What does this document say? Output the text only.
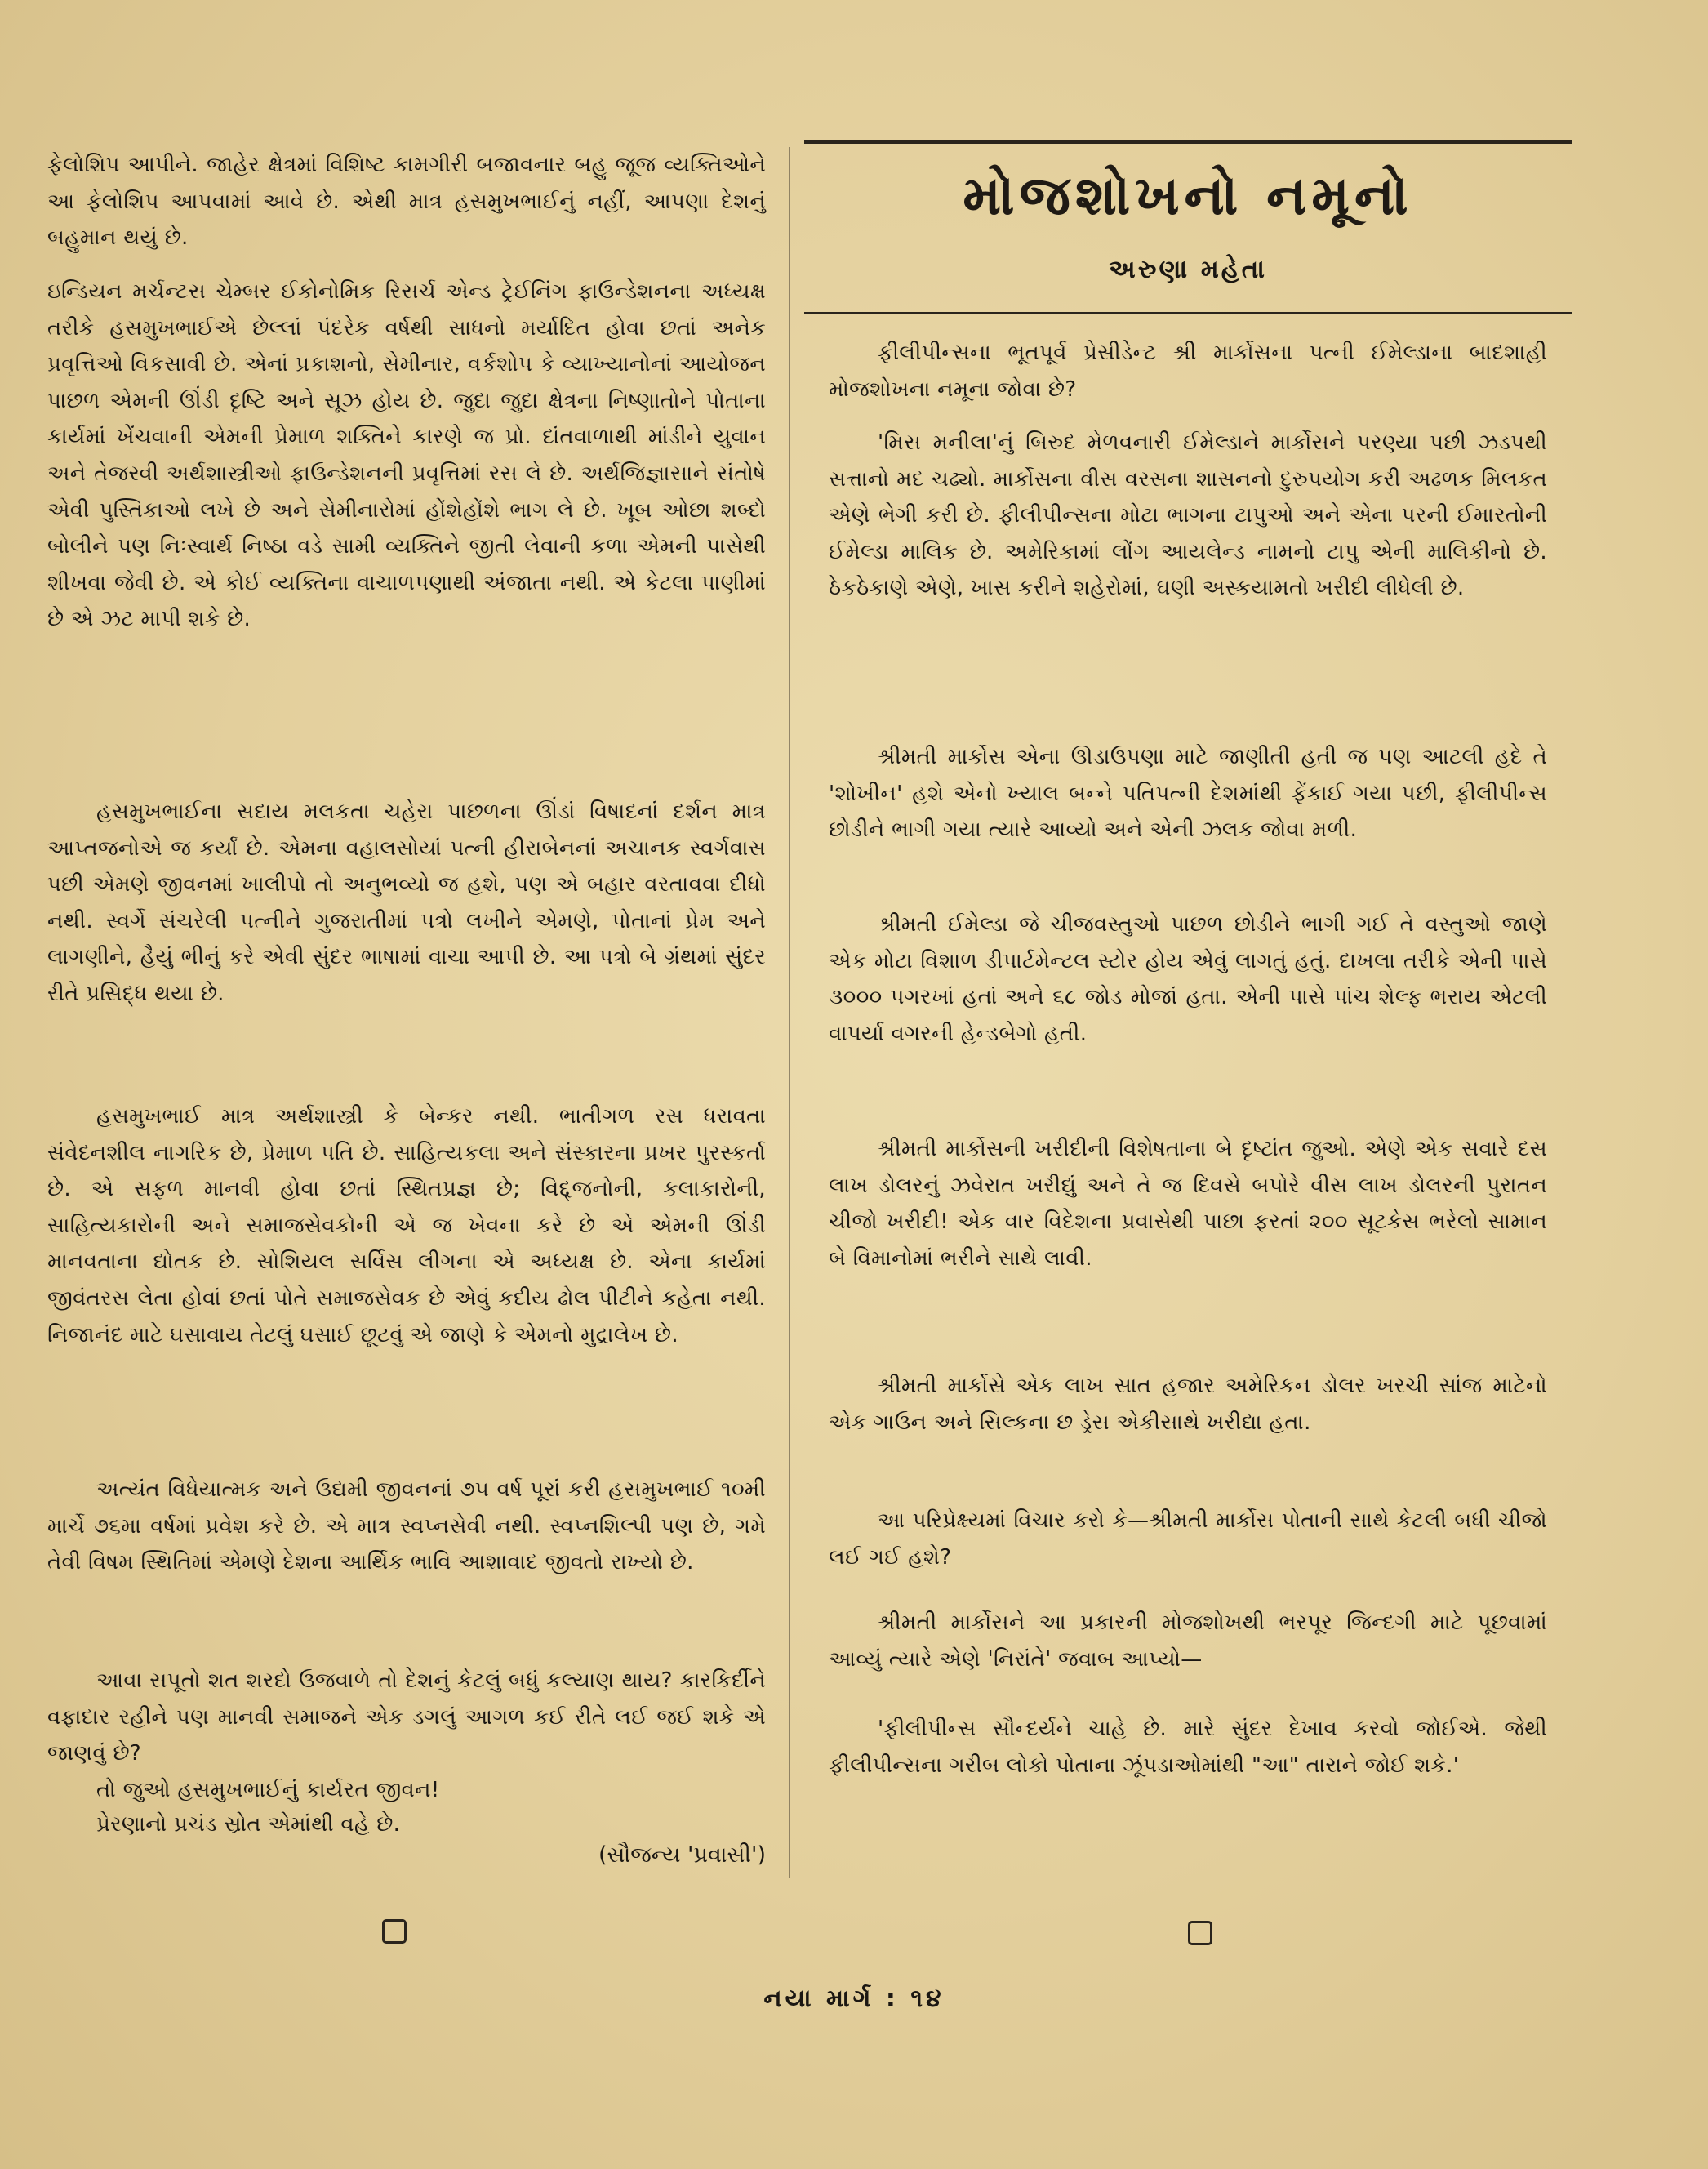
ફેલોશિપ આપીને. જાહેર ક્ષેત્રમાં વિશિષ્ટ કામગીરી બજાવનાર બહુ જૂજ વ્યક્તિઓને આ ફેલોશિપ આપવામાં આવે છે. એથી માત્ર હસમુખભાઈનું નહીં, આપણા દેશનું બહુમાન થયું છે.

ઇન્ડિયન મર્ચન્ટસ ચેમ્બર ઈકોનોમિક રિસર્ચ એન્ડ ટ્રેઈનિંગ ફાઉન્ડેશનના અધ્યક્ષ તરીકે હસમુખભાઈએ છેલ્લાં પંદરેક વર્ષથી સાધનો મર્યાદિત હોવા છતાં અનેક પ્રવૃત્તિઓ વિકસાવી છે. એનાં પ્રકાશનો, સેમીનાર, વર્કશોપ કે વ્યાખ્યાનોનાં આયોજન પાછળ એમની ઊંડી દૃષ્ટિ અને સૂઝ હોય છે. જુદા જુદા ક્ષેત્રના નિષ્ણાતોને પોતાના કાર્યમાં ખેંચવાની એમની પ્રેમાળ શક્તિને કારણે જ પ્રો. દાંતવાળાથી માંડીને યુવાન અને તેજસ્વી અર્થશાસ્ત્રીઓ ફાઉન્ડેશનની પ્રવૃત્તિમાં રસ લે છે. અર્થજિજ્ઞાસાને સંતોષે એવી પુસ્તિકાઓ લખે છે અને સેમીનારોમાં હોંશેહોંશે ભાગ લે છે. ખૂબ ઓછા શબ્દો બોલીને પણ નિઃસ્વાર્થ નિષ્ઠા વડે સામી વ્યક્તિને જીતી લેવાની કળા એમની પાસેથી શીખવા જેવી છે. એ કોઈ વ્યક્તિના વાચાળપણાથી અંજાતા નથી. એ કેટલા પાણીમાં છે એ ઝટ માપી શકે છે.

હસમુખભાઈના સદાય મલકતા ચહેરા પાછળના ઊંડાં વિષાદનાં દર્શન માત્ર આપ્તજનોએ જ કર્યાં છે. એમના વહાલસોયાં પત્ની હીરાબેનનાં અચાનક સ્વર્ગવાસ પછી એમણે જીવનમાં ખાલીપો તો અનુભવ્યો જ હશે, પણ એ બહાર વરતાવવા દીધો નથી. સ્વર્ગે સંચરેલી પત્નીને ગુજરાતીમાં પત્રો લખીને એમણે, પોતાનાં પ્રેમ અને લાગણીને, હૈયું ભીનું કરે એવી સુંદર ભાષામાં વાચા આપી છે. આ પત્રો બે ગ્રંથમાં સુંદર રીતે પ્રસિદ્ધ થયા છે.

હસમુખભાઈ માત્ર અર્થશાસ્ત્રી કે બેન્કર નથી. ભાતીગળ રસ ધરાવતા સંવેદનશીલ નાગરિક છે, પ્રેમાળ પતિ છે. સાહિત્યકલા અને સંસ્કારના પ્રખર પુરસ્કર્તા છે. એ સફળ માનવી હોવા છતાં સ્થિતપ્રજ્ઞ છે; વિદ્દ્જનોની, કલાકારોની, સાહિત્યકારોની અને સમાજસેવકોની એ જ ખેવના કરે છે એ એમની ઊંડી માનવતાના દ્યોતક છે. સોશિયલ સર્વિસ લીગના એ અધ્યક્ષ છે. એના કાર્યમાં જીવંતરસ લેતા હોવાં છતાં પોતે સમાજસેવક છે એવું કદીય ઢોલ પીટીને કહેતા નથી. નિજાનંદ માટે ઘસાવાય તેટલું ઘસાઈ છૂટવું એ જાણે કે એમનો મુદ્રાલેખ છે.

અત્યંત વિધેયાત્મક અને ઉદ્યમી જીવનનાં ૭૫ વર્ષ પૂરાં કરી હસમુખભાઈ ૧૦મી માર્ચે ૭૬મા વર્ષમાં પ્રવેશ કરે છે. એ માત્ર સ્વપ્નસેવી નથી. સ્વપ્નશિલ્પી પણ છે, ગમે તેવી વિષમ સ્થિતિમાં એમણે દેશના આર્થિક ભાવિ આશાવાદ જીવતો રાખ્યો છે.

આવા સપૂતો શત શરદો ઉજવાળે તો દેશનું કેટલું બધું કલ્યાણ થાય? કારકિર્દીને વફાદાર રહીને પણ માનવી સમાજને એક ડગલું આગળ કઈ રીતે લઈ જઈ શકે એ જાણવું છે?

તો જુઓ હસમુખભાઈનું કાર્યરત જીવન!

પ્રેરણાનો પ્રચંડ સ્રોત એમાંથી વહે છે.

(સૌજન્ય 'પ્રવાસી')
મોજશોખનો નમૂનો
અરુણા મહેતા

ફીલીપીન્સના ભૂતપૂર્વ પ્રેસીડેન્ટ શ્રી માર્કોસના પત્ની ઈમેલ્ડાના બાદશાહી મોજશોખના નમૂના જોવા છે?

'મિસ મનીલા'નું બિરુદ મેળવનારી ઈમેલ્ડાને માર્કોસને પરણ્યા પછી ઝડપથી સત્તાનો મદ ચઢ્યો. માર્કોસના વીસ વરસના શાસનનો દુરુપયોગ કરી અઢળક મિલકત એણે ભેગી કરી છે. ફીલીપીન્સના મોટા ભાગના ટાપુઓ અને એના પરની ઈમારતોની ઈમેલ્ડા માલિક છે. અમેરિકામાં લોંગ આયલેન્ડ નામનો ટાપુ એની માલિકીનો છે. ઠેકઠેકાણે એણે, ખાસ કરીને શહેરોમાં, ઘણી અસ્કયામતો ખરીદી લીધેલી છે.

શ્રીમતી માર્કોસ એના ઊડાઉપણા માટે જાણીતી હતી જ પણ આટલી હદે તે 'શોખીન' હશે એનો ખ્યાલ બન્ને પતિપત્ની દેશમાંથી ફેંકાઈ ગયા પછી, ફીલીપીન્સ છોડીને ભાગી ગયા ત્યારે આવ્યો અને એની ઝલક જોવા મળી.

શ્રીમતી ઈમેલ્ડા જે ચીજવસ્તુઓ પાછળ છોડીને ભાગી ગઈ તે વસ્તુઓ જાણે એક મોટા વિશાળ ડીપાર્ટમેન્ટલ સ્ટોર હોય એવું લાગતું હતું. દાખલા તરીકે એની પાસે ૩૦૦૦ પગરખાં હતાં અને ૬૮ જોડ મોજાં હતા. એની પાસે પાંચ શેલ્ફ ભરાય એટલી વાપર્યા વગરની હેન્ડબેગો હતી.

શ્રીમતી માર્કોસની ખરીદીની વિશેષતાના બે દૃષ્ટાંત જુઓ. એણે એક સવારે દસ લાખ ડોલરનું ઝવેરાત ખરીદ્યું અને તે જ દિવસે બપોરે વીસ લાખ ડોલરની પુરાતન ચીજો ખરીદી! એક વાર વિદેશના પ્રવાસેથી પાછા ફરતાં ૨૦૦ સૂટકેસ ભરેલો સામાન બે વિમાનોમાં ભરીને સાથે લાવી.

શ્રીમતી માર્કોસે એક લાખ સાત હજાર અમેરિકન ડોલર ખરચી સાંજ માટેનો એક ગાઉન અને સિલ્કના છ ડ્રેસ એકીસાથે ખરીદ્યા હતા.

આ પરિપ્રેક્ષ્યમાં વિચાર કરો કે—શ્રીમતી માર્કોસ પોતાની સાથે કેટલી બધી ચીજો લઈ ગઈ હશે?

શ્રીમતી માર્કોસને આ પ્રકારની મોજશોખથી ભરપૂર જિન્દગી માટે પૂછવામાં આવ્યું ત્યારે એણે 'નિરાંતે' જવાબ આપ્યો—

'ફીલીપીન્સ સૌન્દર્યને ચાહે છે. મારે સુંદર દેખાવ કરવો જોઈએ. જેથી ફીલીપીન્સના ગરીબ લોકો પોતાના ઝૂંપડાઓમાંથી "આ" તારાને જોઈ શકે.'

નયા માર્ગ : ૧૪
